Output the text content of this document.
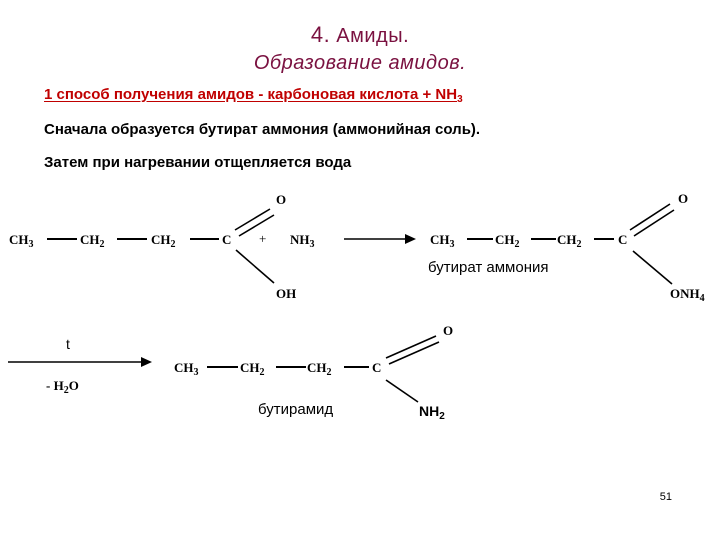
4. Амиды.
Образование амидов.
1 способ получения амидов - карбоновая кислота + $NH_3$
Сначала образуется бутират аммония (аммонийная соль).
Затем при нагревании отщепляется вода
$CH_3$	$CH_2$	$CH_2$	C
O
OH
+ $NH_3$	$CH_3$	$CH_2$	$CH_2$	C
O
$ONH_4$
бутират аммония
t
- $H_2O$
$CH_3$	$CH_2$	$CH_2$	C
O
$NH_2$
бутирамид
51
